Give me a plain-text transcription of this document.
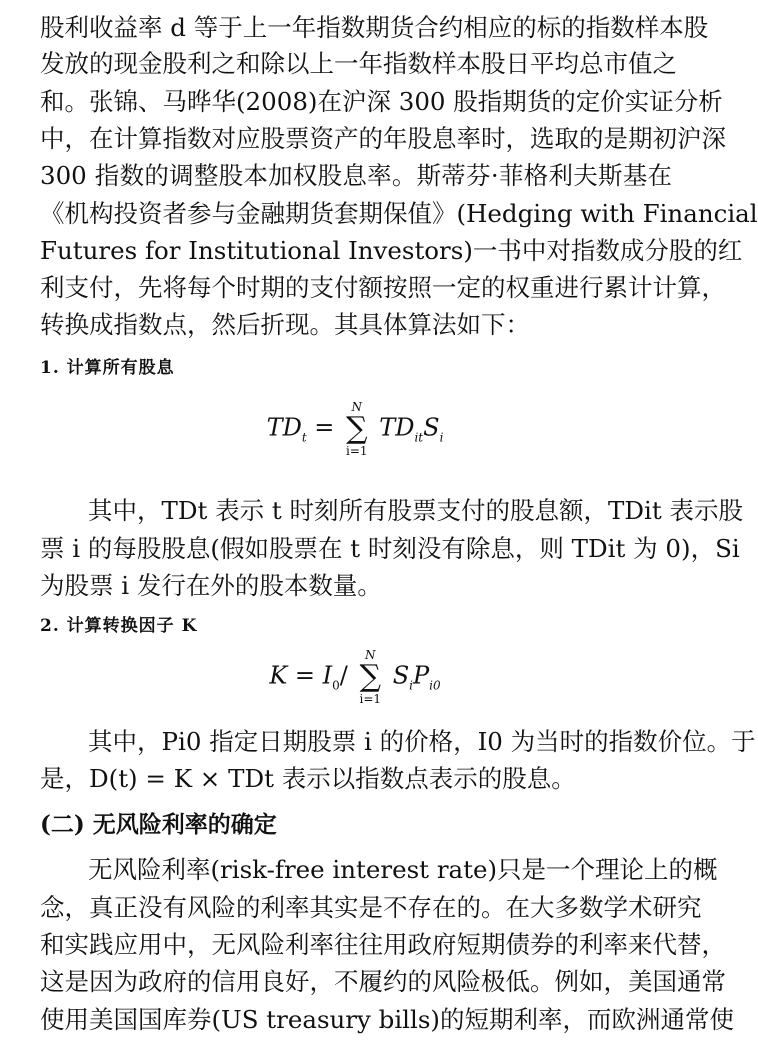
股利收益率 d 等于上一年指数期货合约相应的标的指数样本股
发放的现金股利之和除以上一年指数样本股日平均总市值之
和。张锦、马晔华(2008)在沪深 300 股指期货的定价实证分析
中，在计算指数对应股票资产的年股息率时，选取的是期初沪深
300 指数的调整股本加权股息率。斯蒂芬·菲格利夫斯基在
《机构投资者参与金融期货套期保值》(Hedging with Financial
Futures for Institutional Investors)一书中对指数成分股的红
利支付，先将每个时期的支付额按照一定的权重进行累计计算，
转换成指数点，然后折现。其具体算法如下：
1. 计算所有股息
$TD_t$ =
N
∑
i=1
$TD_{it}S_i$
其中，TDt 表示 t 时刻所有股票支付的股息额，TDit 表示股
票 i 的每股股息(假如股票在 t 时刻没有除息，则 TDit 为 0)，Si
为股票 i 发行在外的股本数量。
2. 计算转换因子 K
$K = I_0/$
N
∑
i=1
$S_iP_{i0}$
其中，Pi0 指定日期股票 i 的价格，I0 为当时的指数价位。于
是，D(t) = K × TDt 表示以指数点表示的股息。
(二) 无风险利率的确定
无风险利率(risk-free interest rate)只是一个理论上的概
念，真正没有风险的利率其实是不存在的。在大多数学术研究
和实践应用中，无风险利率往往用政府短期债券的利率来代替，
这是因为政府的信用良好，不履约的风险极低。例如，美国通常
使用美国国库券(US treasury bills)的短期利率，而欧洲通常使
